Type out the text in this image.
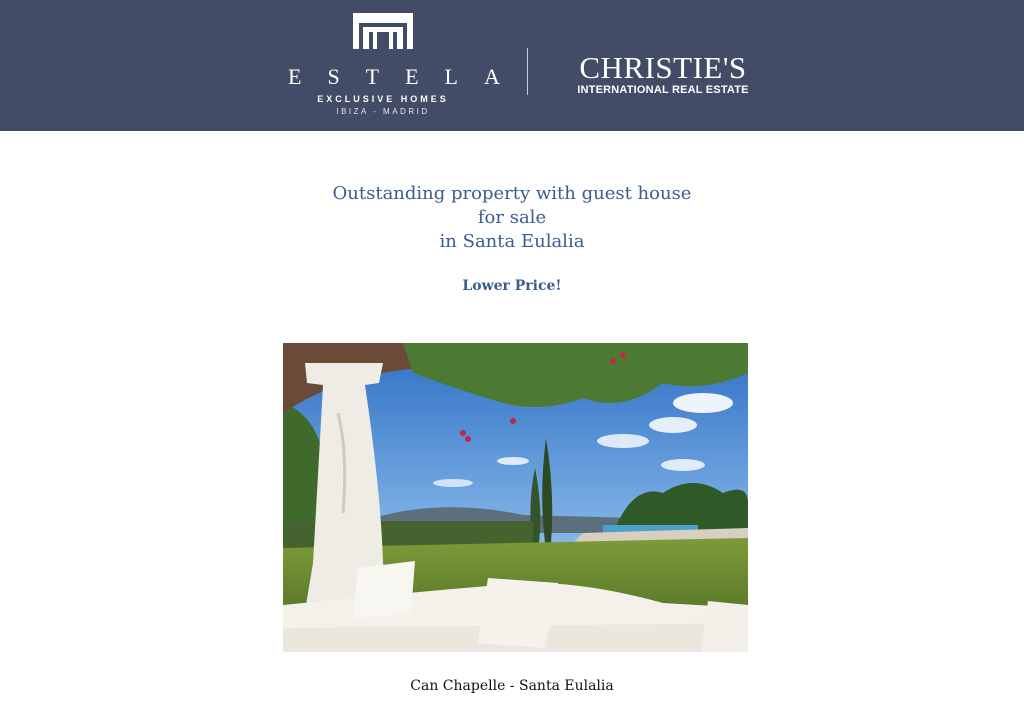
ESTELA
EXCLUSIVE HOMES
IBIZA - MADRID
CHRISTIE'S
INTERNATIONAL REAL ESTATE
Outstanding property with guest house
for sale
in Santa Eulalia
Lower Price!
Can Chapelle - Santa Eulalia
